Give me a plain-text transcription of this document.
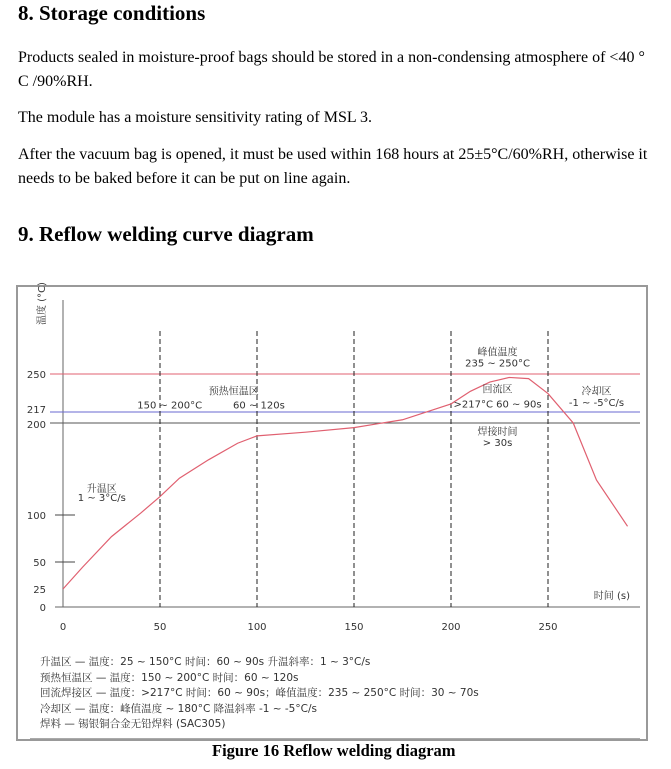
8. Storage conditions
Products sealed in moisture-proof bags should be stored in a non-condensing atmosphere of <40 ° C /90%RH.
The module has a moisture sensitivity rating of MSL 3.
After the vacuum bag is opened, it must be used within 168 hours at 25±5°C/60%RH, otherwise it needs to be baked before it can be put on line again.
9. Reflow welding curve diagram
温度 (°C)
时间 (s)
0
25
50
100
200
217
250
0	50	100	150	200	250
升温区
1 ~ 3°C/s
预热恒温区
150 ~ 200°C	60 ~ 120s
峰值温度
235 ~ 250°C
回流区
>217°C 60 ~ 90s
焊接时间
> 30s
冷却区
-1 ~ -5°C/s
升温区 — 温度：25 ~ 150°C 时间：60 ~ 90s 升温斜率：1 ~ 3°C/s
预热恒温区 — 温度：150 ~ 200°C 时间：60 ~ 120s
回流焊接区 — 温度：>217°C 时间：60 ~ 90s；峰值温度：235 ~ 250°C 时间：30 ~ 70s
冷却区 — 温度：峰值温度 ~ 180°C 降温斜率 -1 ~ -5°C/s
焊料 — 锡银铜合金无铅焊料 (SAC305)
Figure 16 Reflow welding diagram
